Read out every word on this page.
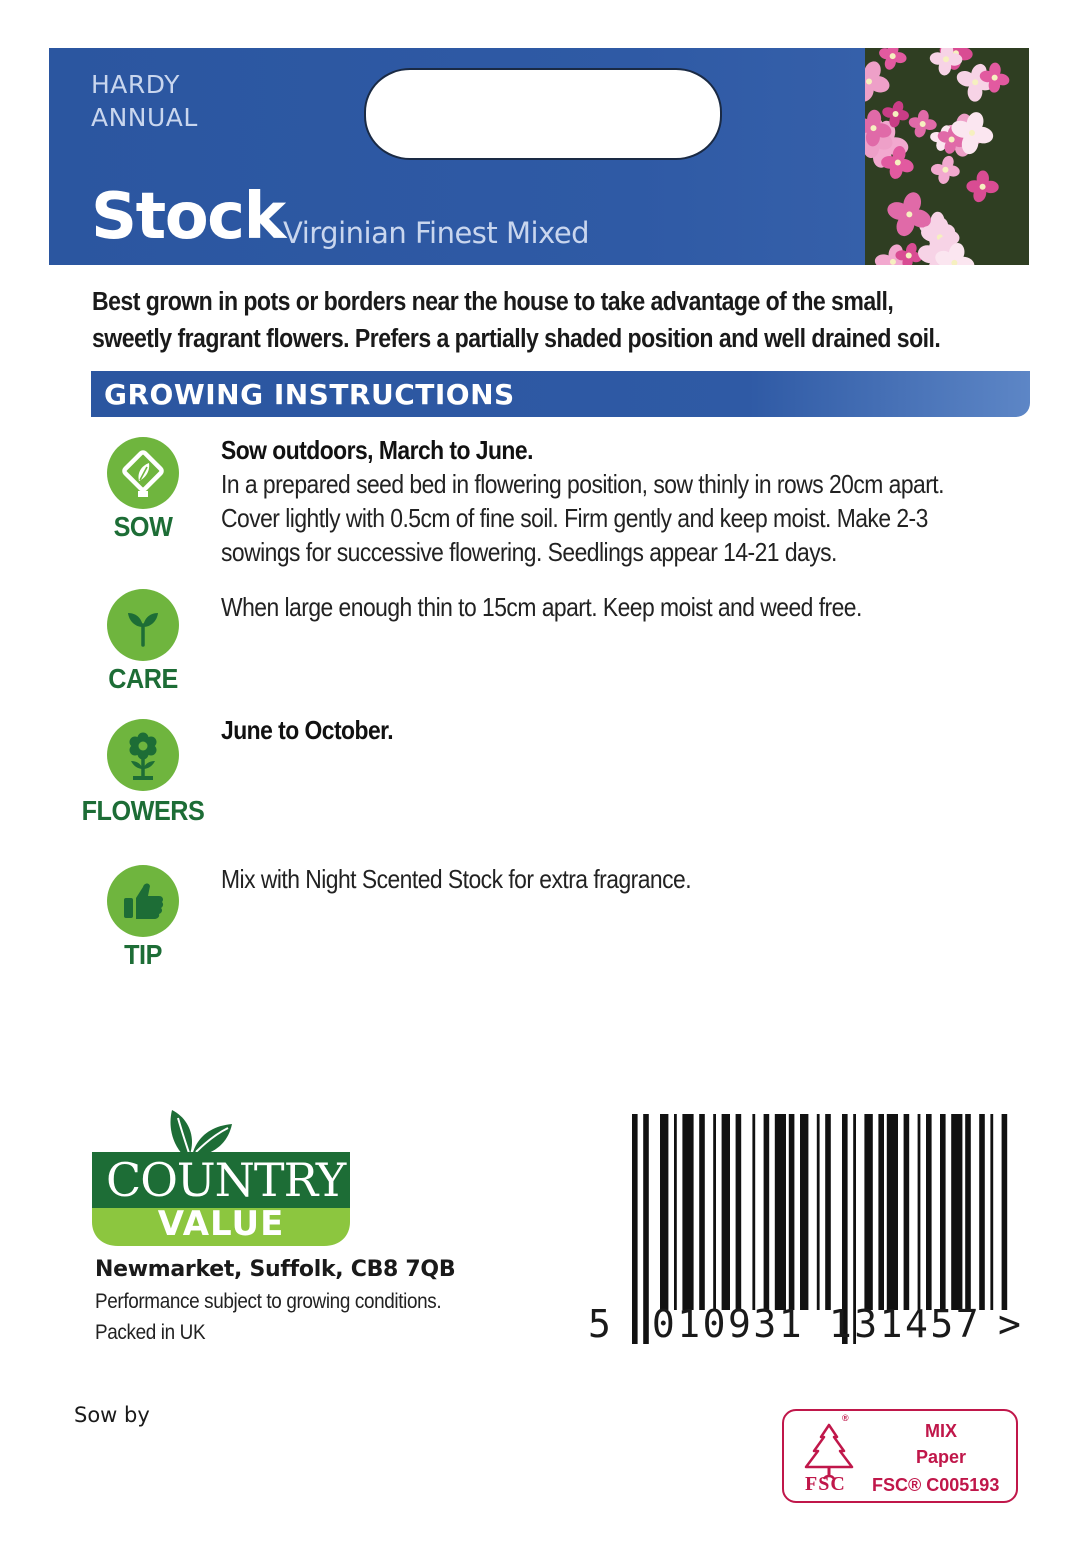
HARDY
ANNUAL
Stock
Virginian Finest Mixed
Best grown in pots or borders near the house to take advantage of the small,
sweetly fragrant flowers. Prefers a partially shaded position and well drained soil.
GROWING INSTRUCTIONS
SOW
Sow outdoors, March to June.
In a prepared seed bed in flowering position, sow thinly in rows 20cm apart.
Cover lightly with 0.5cm of fine soil. Firm gently and keep moist. Make 2-3
sowings for successive flowering. Seedlings appear 14-21 days.
CARE
When large enough thin to 15cm apart. Keep moist and weed free.
FLOWERS
June to October.
TIP
Mix with Night Scented Stock for extra fragrance.
COUNTRY
VALUE
Newmarket, Suffolk, CB8 7QB
Performance subject to growing conditions.
Packed in UK	5 010931 131457 >
Sow by	®
FSC
MIX
Paper
FSC® C005193
